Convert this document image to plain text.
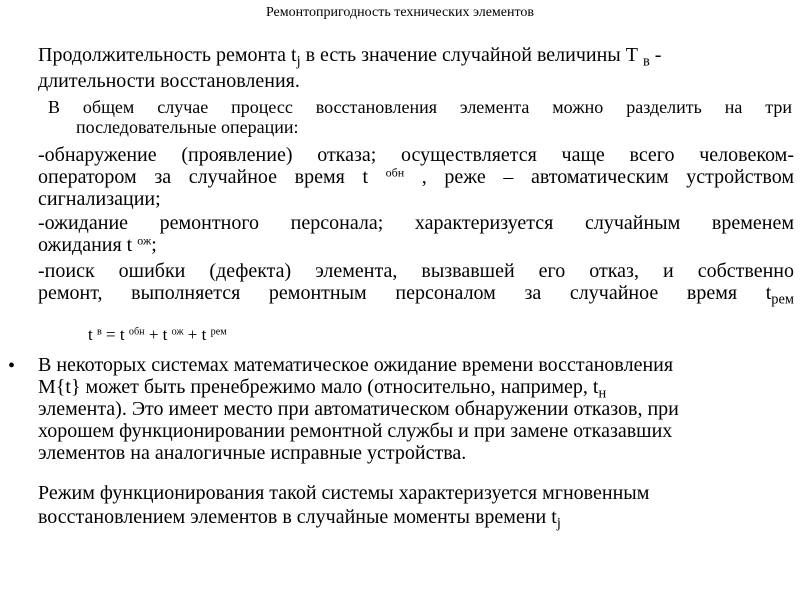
Ремонтопригодность технических элементов
Продолжительность ремонта $t_j$ в есть значение случайной величины Т $_в$ -
длительности восстановления.
В общем случае процесс восстановления элемента можно разделить на три
последовательные операции:
-обнаружение (проявление) отказа; осуществляется чаще всего человеком-
оператором за случайное время t $^{обн}$ , реже – автоматическим устройством
сигнализации;
-ожидание ремонтного персонала; характеризуется случайным временем
ожидания t $^{ож}$;
-поиск ошибки (дефекта) элемента, вызвавшей его отказ, и собственно
ремонт, выполняется ремонтным персоналом за случайное время $t_{рем}$
t $^в$ = t $^{обн}$ + t $^{ож}$ + t $^{рем}$
• В некоторых системах математическое ожидание времени восстановления
M{t} может быть пренебрежимо мало (относительно, например, $t_н$
элемента). Это имеет место при автоматическом обнаружении отказов, при
хорошем функционировании ремонтной службы и при замене отказавших
элементов на аналогичные исправные устройства.
Режим функционирования такой системы характеризуется мгновенным
восстановлением элементов в случайные моменты времени $t_j$
